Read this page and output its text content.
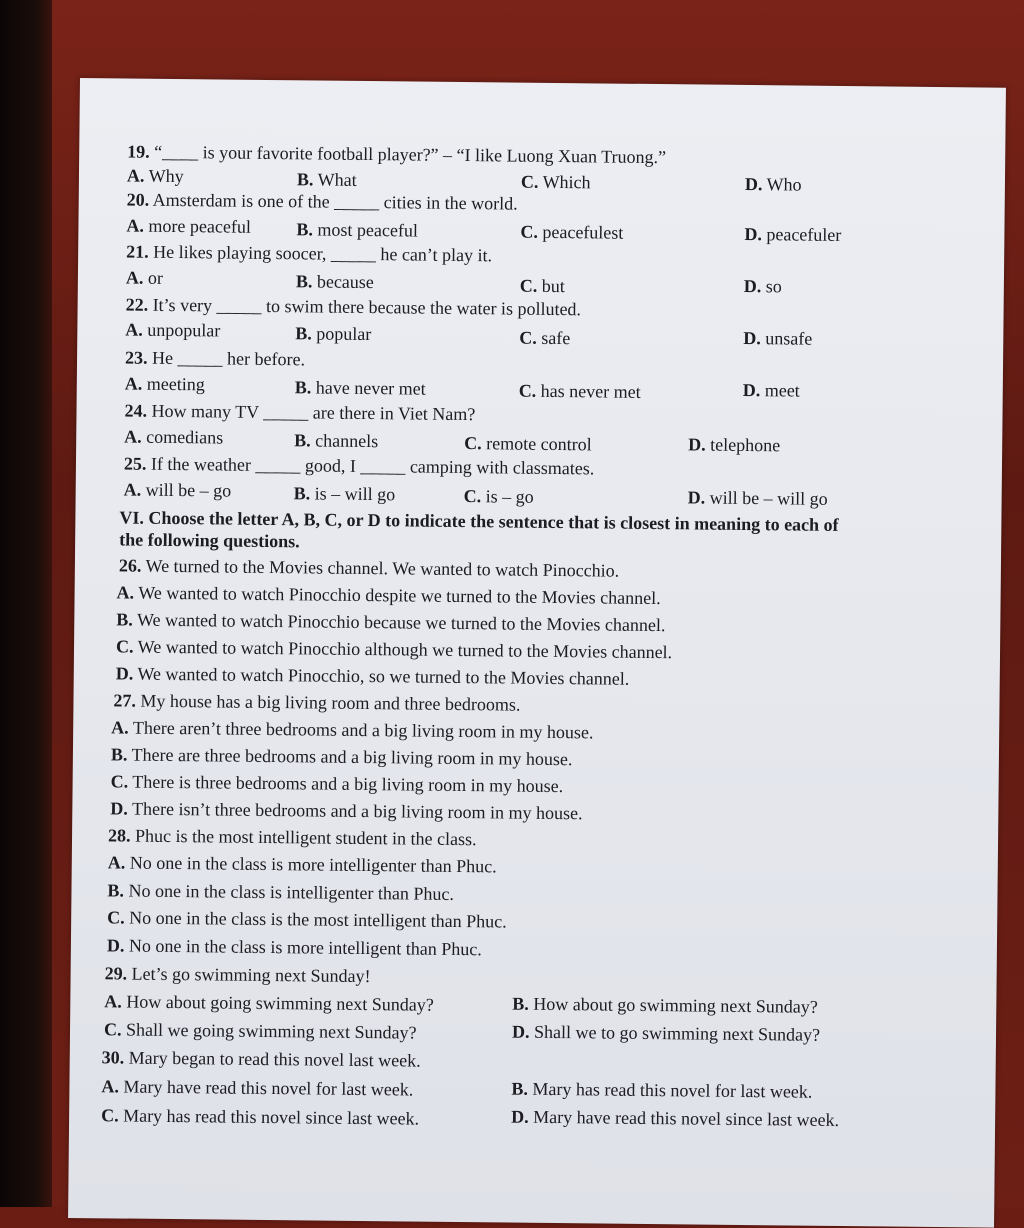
19. “____ is your favorite football player?” – “I like Luong Xuan Truong.”
A. Why	B. What	C. Which	D. Who
20. Amsterdam is one of the _____ cities in the world.
A. more peaceful	B. most peaceful	C. peacefulest	D. peacefuler
21. He likes playing soocer, _____ he can’t play it.
A. or	B. because	C. but	D. so
22. It’s very _____ to swim there because the water is polluted.
A. unpopular	B. popular	C. safe	D. unsafe
23. He _____ her before.
A. meeting	B. have never met	C. has never met	D. meet
24. How many TV _____ are there in Viet Nam?
A. comedians	B. channels	C. remote control	D. telephone
25. If the weather _____ good, I _____ camping with classmates.
A. will be – go	B. is – will go	C. is – go	D. will be – will go
VI. Choose the letter A, B, C, or D to indicate the sentence that is closest in meaning to each of
the following questions.
26. We turned to the Movies channel. We wanted to watch Pinocchio.
A. We wanted to watch Pinocchio despite we turned to the Movies channel.
B. We wanted to watch Pinocchio because we turned to the Movies channel.
C. We wanted to watch Pinocchio although we turned to the Movies channel.
D. We wanted to watch Pinocchio, so we turned to the Movies channel.
27. My house has a big living room and three bedrooms.
A. There aren’t three bedrooms and a big living room in my house.
B. There are three bedrooms and a big living room in my house.
C. There is three bedrooms and a big living room in my house.
D. There isn’t three bedrooms and a big living room in my house.
28. Phuc is the most intelligent student in the class.
A. No one in the class is more intelligenter than Phuc.
B. No one in the class is intelligenter than Phuc.
C. No one in the class is the most intelligent than Phuc.
D. No one in the class is more intelligent than Phuc.
29. Let’s go swimming next Sunday!
A. How about going swimming next Sunday?	B. How about go swimming next Sunday?
C. Shall we going swimming next Sunday?	D. Shall we to go swimming next Sunday?
30. Mary began to read this novel last week.
A. Mary have read this novel for last week.	B. Mary has read this novel for last week.
C. Mary has read this novel since last week.	D. Mary have read this novel since last week.
